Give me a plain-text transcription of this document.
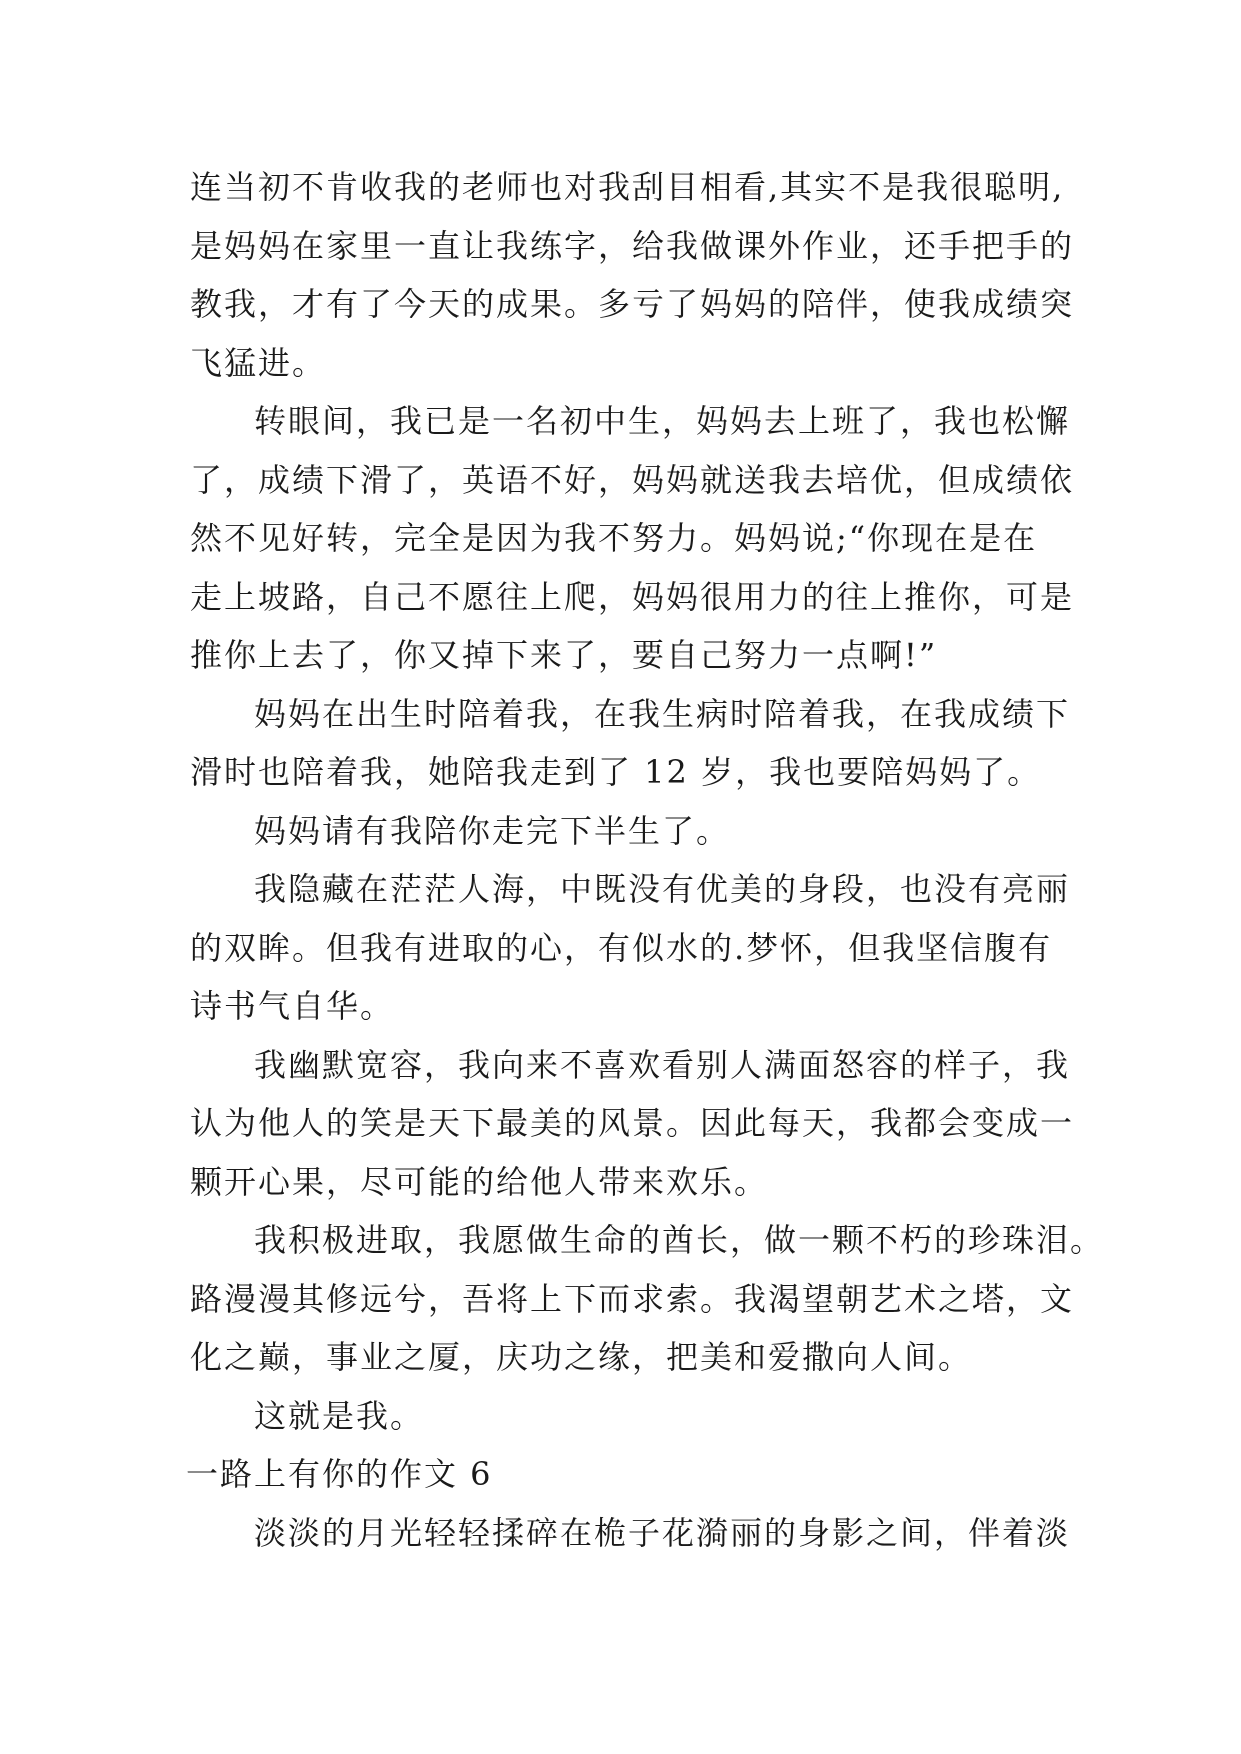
连当初不肯收我的老师也对我刮目相看,其实不是我很聪明,
是妈妈在家里一直让我练字，给我做课外作业，还手把手的
教我，才有了今天的成果。多亏了妈妈的陪伴，使我成绩突
飞猛进。
转眼间，我已是一名初中生，妈妈去上班了，我也松懈
了，成绩下滑了，英语不好，妈妈就送我去培优，但成绩依
然不见好转，完全是因为我不努力。妈妈说;“你现在是在
走上坡路，自己不愿往上爬，妈妈很用力的往上推你，可是
推你上去了，你又掉下来了，要自己努力一点啊!”
妈妈在出生时陪着我，在我生病时陪着我，在我成绩下
滑时也陪着我，她陪我走到了 12 岁，我也要陪妈妈了。
妈妈请有我陪你走完下半生了。
我隐藏在茫茫人海，中既没有优美的身段，也没有亮丽
的双眸。但我有进取的心，有似水的.梦怀，但我坚信腹有
诗书气自华。
我幽默宽容，我向来不喜欢看别人满面怒容的样子，我
认为他人的笑是天下最美的风景。因此每天，我都会变成一
颗开心果，尽可能的给他人带来欢乐。
我积极进取，我愿做生命的酋长，做一颗不朽的珍珠泪。
路漫漫其修远兮，吾将上下而求索。我渴望朝艺术之塔，文
化之巅，事业之厦，庆功之缘，把美和爱撒向人间。
这就是我。
一路上有你的作文 6
淡淡的月光轻轻揉碎在桅子花漪丽的身影之间，伴着淡
